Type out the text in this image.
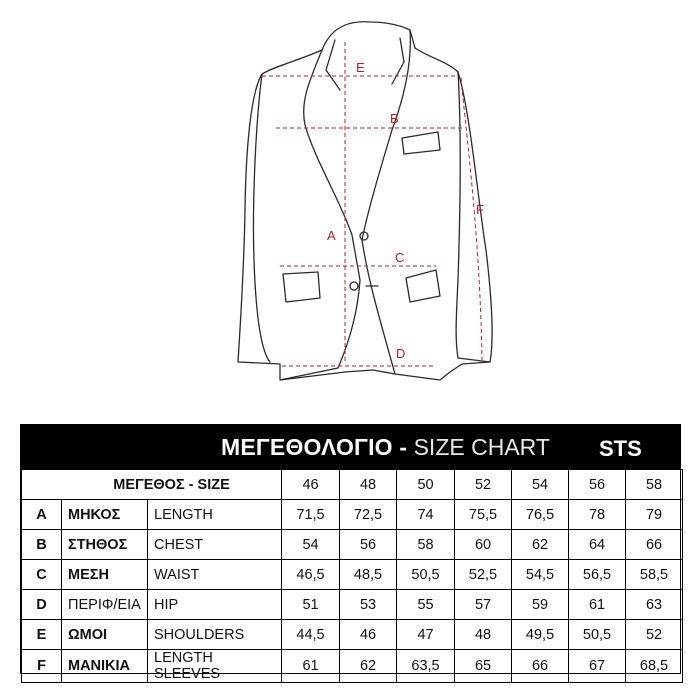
E
B
A
C
F
D
ΜΕΓΕΘΟΛΟΓΙΟ - SIZE CHART STS
ΜΕΓΕΘΟΣ - SIZE			46	48	50	52	54	56	58
A	ΜΗΚΟΣ	LENGTH	71,5	72,5	74	75,5	76,5	78	79
B	ΣΤΗΘΟΣ	CHEST	54	56	58	60	62	64	66
C	ΜΕΣΗ	WAIST	46,5	48,5	50,5	52,5	54,5	56,5	58,5
D	ΠΕΡΙΦ/ΕΙΑ	HIP	51	53	55	57	59	61	63
E	ΩΜΟΙ	SHOULDERS	44,5	46	47	48	49,5	50,5	52
F	ΜΑΝΙΚΙΑ	LENGTH SLEEVES	61	62	63,5	65	66	67	68,5
